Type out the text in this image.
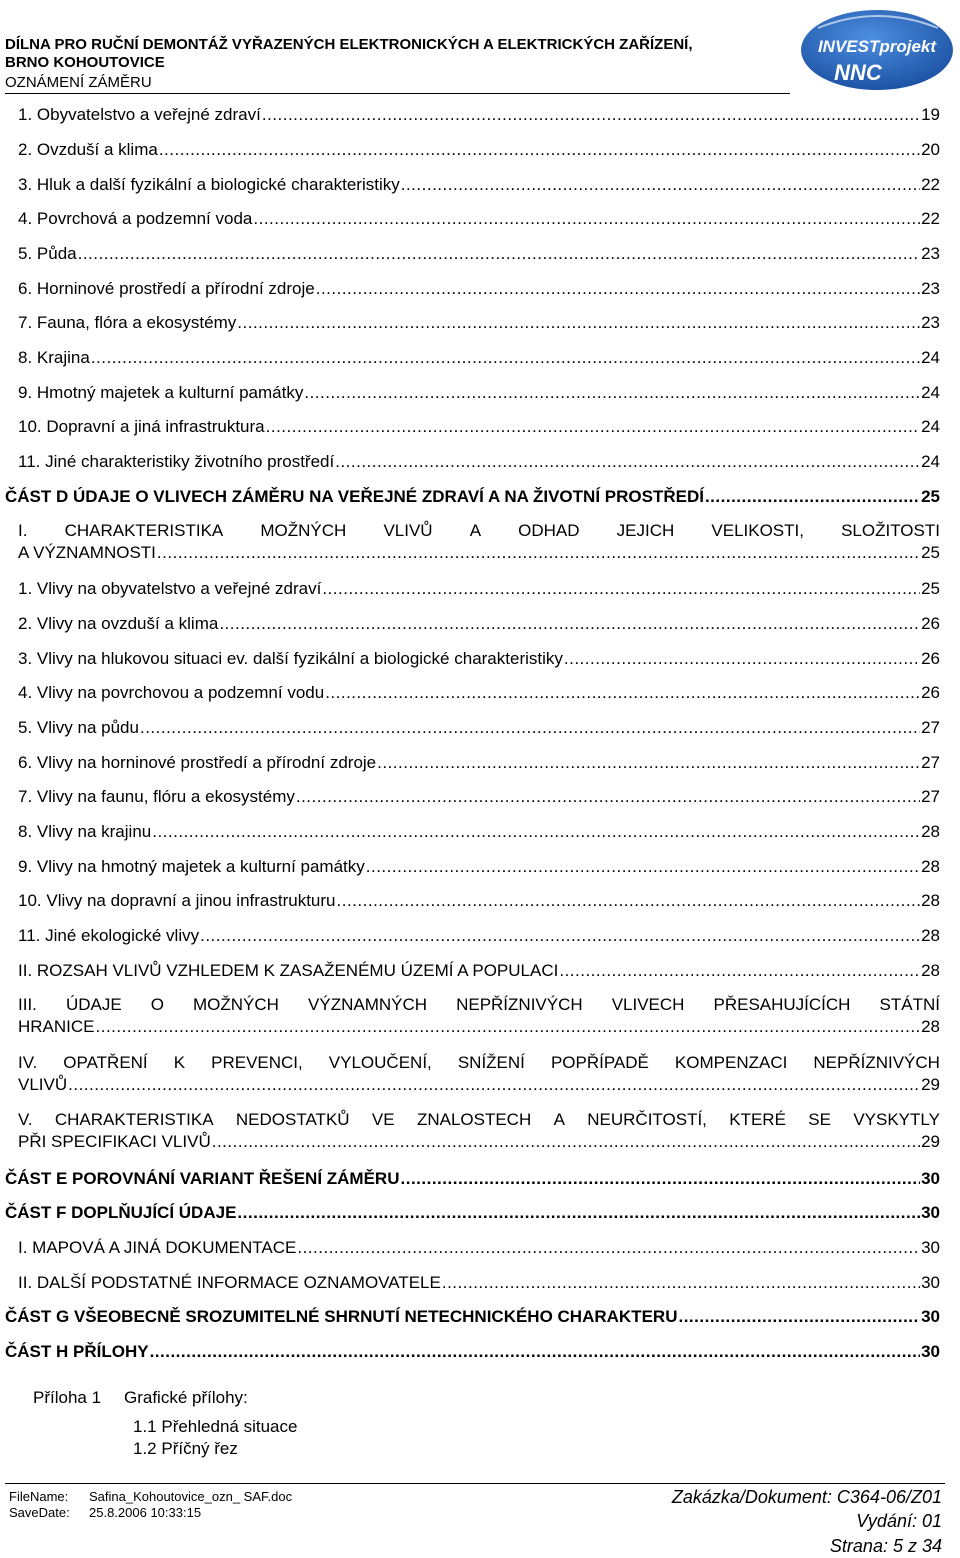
DÍLNA PRO RUČNÍ DEMONTÁŽ VYŘAZENÝCH ELEKTRONICKÝCH A ELEKTRICKÝCH ZAŘÍZENÍ,
BRNO KOHOUTOVICE
OZNÁMENÍ ZÁMĚRU
INVESTprojekt
NNC
1. Obyvatelstvo a veřejné zdraví .....	19
2. Ovzduší a klima .....	20
3. Hluk a další fyzikální a biologické charakteristiky .....	22
4. Povrchová a podzemní voda .....	22
5. Půda .....	23
6. Horninové prostředí a přírodní zdroje .....	23
7. Fauna, flóra a ekosystémy .....	23
8. Krajina .....	24
9. Hmotný majetek a kulturní památky .....	24
10. Dopravní a jiná infrastruktura .....	24
11. Jiné charakteristiky životního prostředí .....	24
ČÁST D ÚDAJE O VLIVECH ZÁMĚRU NA VEŘEJNÉ ZDRAVÍ A NA ŽIVOTNÍ PROSTŘEDÍ .....	25
I. CHARAKTERISTIKA MOŽNÝCH VLIVŮ A ODHAD JEJICH VELIKOSTI, SLOŽITOSTI
A VÝZNAMNOSTI .....	25
1. Vlivy na obyvatelstvo a veřejné zdraví .....	25
2. Vlivy na ovzduší a klima .....	26
3. Vlivy na hlukovou situaci ev. další fyzikální a biologické charakteristiky .....	26
4. Vlivy na povrchovou a podzemní vodu .....	26
5. Vlivy na půdu .....	27
6. Vlivy na horninové prostředí a přírodní zdroje .....	27
7. Vlivy na faunu, flóru a ekosystémy .....	27
8. Vlivy na krajinu .....	28
9. Vlivy na hmotný majetek a kulturní památky .....	28
10. Vlivy na dopravní a jinou infrastrukturu .....	28
11. Jiné ekologické vlivy .....	28
II. ROZSAH VLIVŮ VZHLEDEM K ZASAŽENÉMU ÚZEMÍ A POPULACI .....	28
III. ÚDAJE O MOŽNÝCH VÝZNAMNÝCH NEPŘÍZNIVÝCH VLIVECH PŘESAHUJÍCÍCH STÁTNÍ
HRANICE .....	28
IV. OPATŘENÍ K PREVENCI, VYLOUČENÍ, SNÍŽENÍ POPŘÍPADĚ KOMPENZACI NEPŘÍZNIVÝCH
VLIVŮ .....	29
V. CHARAKTERISTIKA NEDOSTATKŮ VE ZNALOSTECH A NEURČITOSTÍ, KTERÉ SE VYSKYTLY
PŘI SPECIFIKACI VLIVŮ .....	29
ČÁST E POROVNÁNÍ VARIANT ŘEŠENÍ ZÁMĚRU .....	30
ČÁST F DOPLŇUJÍCÍ ÚDAJE .....	30
I. MAPOVÁ A JINÁ DOKUMENTACE .....	30
II. DALŠÍ PODSTATNÉ INFORMACE OZNAMOVATELE .....	30
ČÁST G VŠEOBECNĚ SROZUMITELNÉ SHRNUTÍ NETECHNICKÉHO CHARAKTERU .....	30
ČÁST H PŘÍLOHY .....	30
Příloha 1 Grafické přílohy:
1.1 Přehledná situace
1.2 Příčný řez
FileName: Safina_Kohoutovice_ozn_ SAF.doc
SaveDate: 25.8.2006 10:33:15
Zakázka/Dokument: C364-06/Z01
Vydání: 01
Strana: 5 z 34
